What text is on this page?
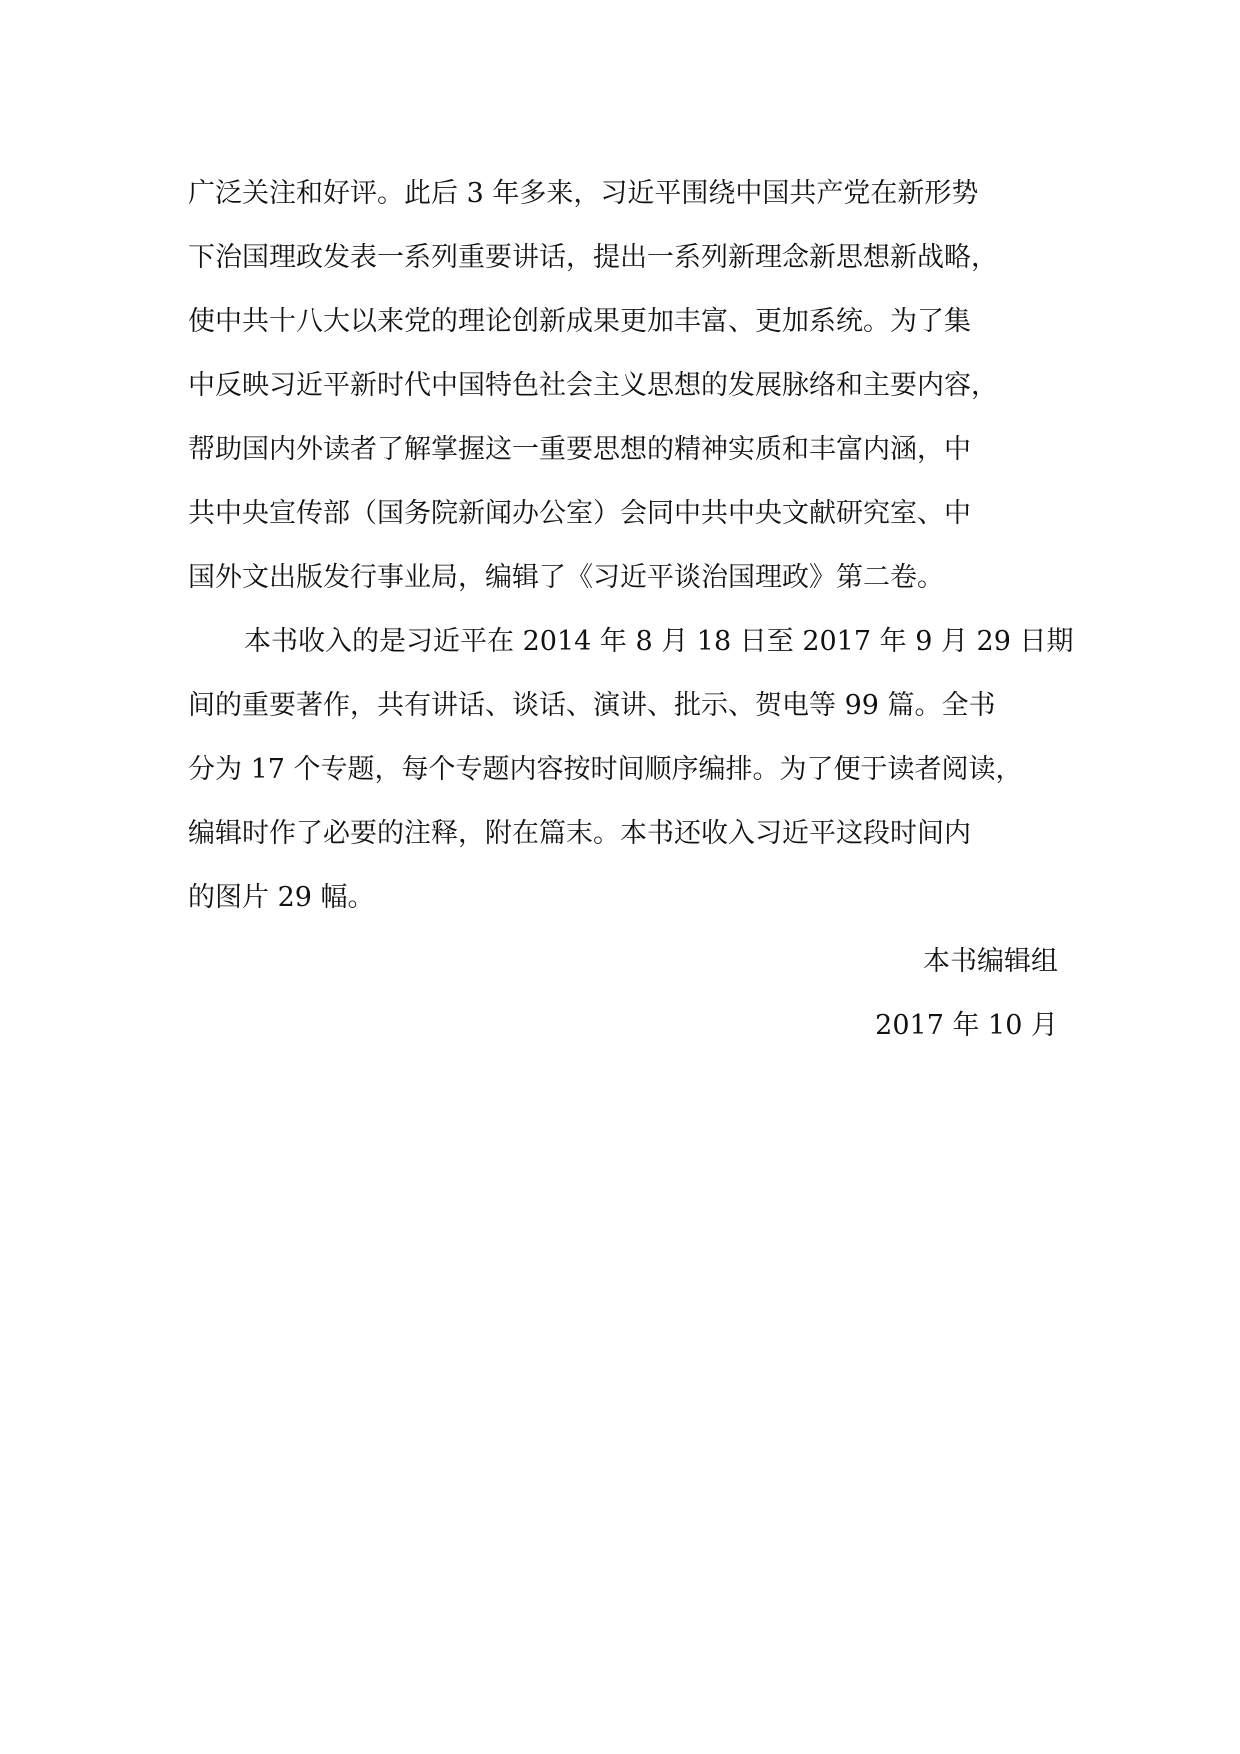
广泛关注和好评。此后 3 年多来，习近平围绕中国共产党在新形势
下治国理政发表一系列重要讲话，提出一系列新理念新思想新战略，
使中共十八大以来党的理论创新成果更加丰富、更加系统。为了集
中反映习近平新时代中国特色社会主义思想的发展脉络和主要内容，
帮助国内外读者了解掌握这一重要思想的精神实质和丰富内涵，中
共中央宣传部（国务院新闻办公室）会同中共中央文献研究室、中
国外文出版发行事业局，编辑了《习近平谈治国理政》第二卷。
本书收入的是习近平在 2014 年 8 月 18 日至 2017 年 9 月 29 日期
间的重要著作，共有讲话、谈话、演讲、批示、贺电等 99 篇。全书
分为 17 个专题，每个专题内容按时间顺序编排。为了便于读者阅读，
编辑时作了必要的注释，附在篇末。本书还收入习近平这段时间内
的图片 29 幅。
本书编辑组
2017 年 10 月
